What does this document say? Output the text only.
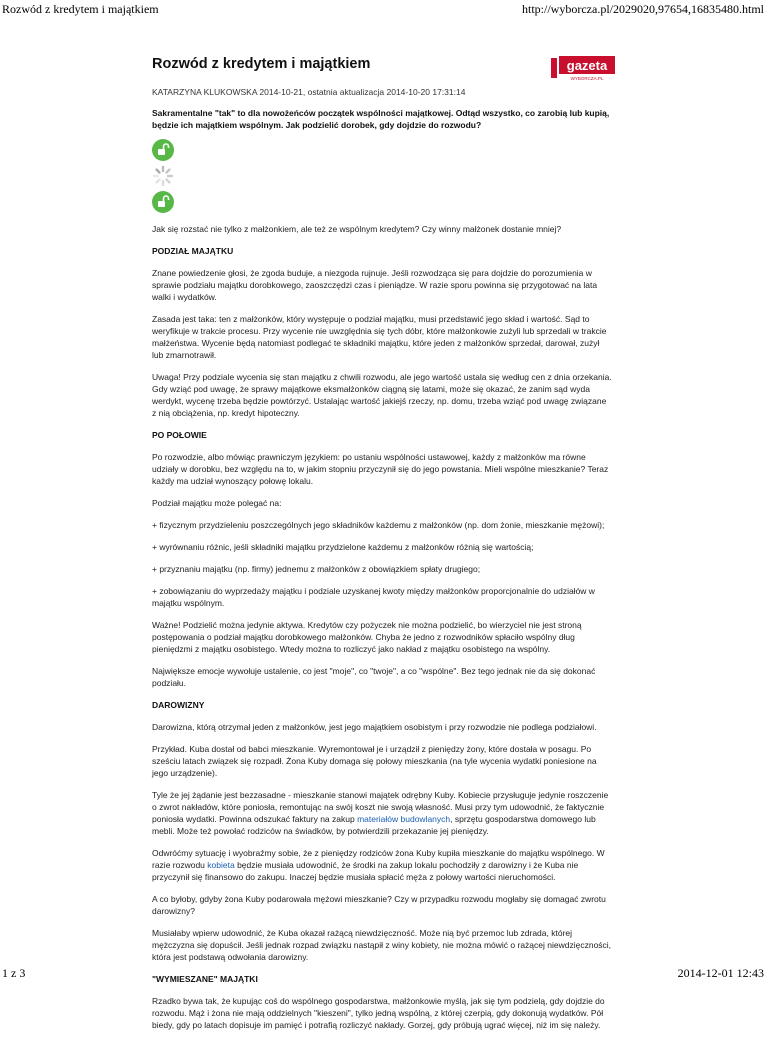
Rozwód z kredytem i majątkiem	http://wyborcza.pl/2029020,97654,16835480.html
Rozwód z kredytem i majątkiem	gazeta
WYBORCZA.PL

KATARZYNA KLUKOWSKA 2014-10-21, ostatnia aktualizacja 2014-10-20 17:31:14

Sakramentalne "tak" to dla nowożeńców początek wspólności majątkowej. Odtąd wszystko, co zarobią lub kupią, będzie ich majątkiem wspólnym. Jak podzielić dorobek, gdy dojdzie do rozwodu?

Jak się rozstać nie tylko z małżonkiem, ale też ze wspólnym kredytem? Czy winny małżonek dostanie mniej?

PODZIAŁ MAJĄTKU

Znane powiedzenie głosi, że zgoda buduje, a niezgoda rujnuje. Jeśli rozwodząca się para dojdzie do porozumienia w sprawie podziału majątku dorobkowego, zaoszczędzi czas i pieniądze. W razie sporu powinna się przygotować na lata walki i wydatków.

Zasada jest taka: ten z małżonków, który występuje o podział majątku, musi przedstawić jego skład i wartość. Sąd to weryfikuje w trakcie procesu. Przy wycenie nie uwzględnia się tych dóbr, które małżonkowie zużyli lub sprzedali w trakcie małżeństwa. Wycenie będą natomiast podlegać te składniki majątku, które jeden z małżonków sprzedał, darował, zużył lub zmarnotrawił.

Uwaga! Przy podziale wycenia się stan majątku z chwili rozwodu, ale jego wartość ustala się według cen z dnia orzekania. Gdy wziąć pod uwagę, że sprawy majątkowe eksmałżonków ciągną się latami, może się okazać, że zanim sąd wyda werdykt, wycenę trzeba będzie powtórzyć. Ustalając wartość jakiejś rzeczy, np. domu, trzeba wziąć pod uwagę związane z nią obciążenia, np. kredyt hipoteczny.

PO POŁOWIE

Po rozwodzie, albo mówiąc prawniczym językiem: po ustaniu wspólności ustawowej, każdy z małżonków ma równe udziały w dorobku, bez względu na to, w jakim stopniu przyczynił się do jego powstania. Mieli wspólne mieszkanie? Teraz każdy ma udział wynoszący połowę lokalu.

Podział majątku może polegać na:

+ fizycznym przydzieleniu poszczególnych jego składników każdemu z małżonków (np. dom żonie, mieszkanie mężowi);

+ wyrównaniu różnic, jeśli składniki majątku przydzielone każdemu z małżonków różnią się wartością;

+ przyznaniu majątku (np. firmy) jednemu z małżonków z obowiązkiem spłaty drugiego;

+ zobowiązaniu do wyprzedaży majątku i podziale uzyskanej kwoty między małżonków proporcjonalnie do udziałów w majątku wspólnym.

Ważne! Podzielić można jedynie aktywa. Kredytów czy pożyczek nie można podzielić, bo wierzyciel nie jest stroną postępowania o podział majątku dorobkowego małżonków. Chyba że jedno z rozwodników spłaciło wspólny dług pieniędzmi z majątku osobistego. Wtedy można to rozliczyć jako nakład z majątku osobistego na wspólny.

Największe emocje wywołuje ustalenie, co jest "moje", co "twoje", a co "wspólne". Bez tego jednak nie da się dokonać podziału.

DAROWIZNY

Darowizna, którą otrzymał jeden z małżonków, jest jego majątkiem osobistym i przy rozwodzie nie podlega podziałowi.

Przykład. Kuba dostał od babci mieszkanie. Wyremontował je i urządził z pieniędzy żony, które dostała w posagu. Po sześciu latach związek się rozpadł. Żona Kuby domaga się połowy mieszkania (na tyle wycenia wydatki poniesione na jego urządzenie).

Tyle że jej żądanie jest bezzasadne - mieszkanie stanowi majątek odrębny Kuby. Kobiecie przysługuje jedynie roszczenie o zwrot nakładów, które poniosła, remontując na swój koszt nie swoją własność. Musi przy tym udowodnić, że faktycznie poniosła wydatki. Powinna odszukać faktury na zakup materiałów budowlanych, sprzętu gospodarstwa domowego lub mebli. Może też powołać rodziców na świadków, by potwierdzili przekazanie jej pieniędzy.

Odwróćmy sytuację i wyobraźmy sobie, że z pieniędzy rodziców żona Kuby kupiła mieszkanie do majątku wspólnego. W razie rozwodu kobieta będzie musiała udowodnić, że środki na zakup lokalu pochodziły z darowizny i że Kuba nie przyczynił się finansowo do zakupu. Inaczej będzie musiała spłacić męża z połowy wartości nieruchomości.

A co byłoby, gdyby żona Kuby podarowała mężowi mieszkanie? Czy w przypadku rozwodu mogłaby się domagać zwrotu darowizny?

Musiałaby wpierw udowodnić, że Kuba okazał rażącą niewdzięczność. Może nią być przemoc lub zdrada, której mężczyzna się dopuścił. Jeśli jednak rozpad związku nastąpił z winy kobiety, nie można mówić o rażącej niewdzięczności, która jest podstawą odwołania darowizny.

"WYMIESZANE" MAJĄTKI

Rzadko bywa tak, że kupując coś do wspólnego gospodarstwa, małżonkowie myślą, jak się tym podzielą, gdy dojdzie do rozwodu. Mąż i żona nie mają oddzielnych "kieszeni", tylko jedną wspólną, z której czerpią, gdy dokonują wydatków. Pół biedy, gdy po latach dopisuje im pamięć i potrafią rozliczyć nakłady. Gorzej, gdy próbują ugrać więcej, niż im się należy.

1 z 3	2014-12-01 12:43
